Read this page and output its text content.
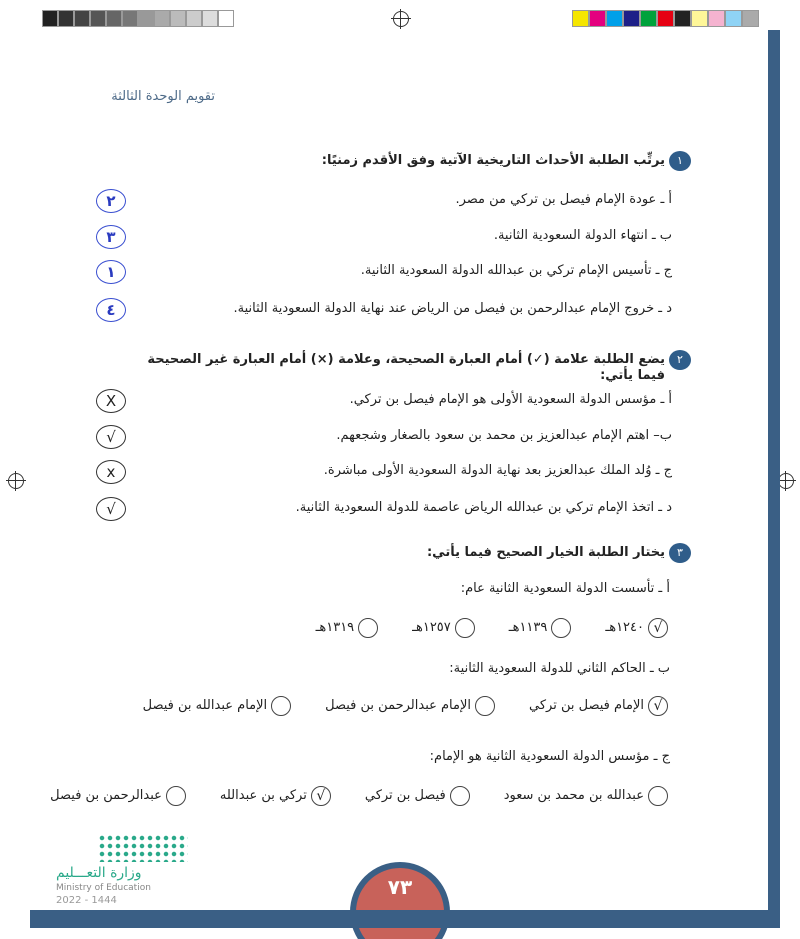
تقويم الوحدة الثالثة
١
يرتِّب الطلبة الأحداث التاريخية الآتية وفق الأقدم زمنيًا:
أ ـ عودة الإمام فيصل بن تركي من مصر.
٢
ب ـ انتهاء الدولة السعودية الثانية.
٣
ج ـ تأسيس الإمام تركي بن عبدالله الدولة السعودية الثانية.
١
د ـ خروج الإمام عبدالرحمن بن فيصل من الرياض عند نهاية الدولة السعودية الثانية.
٤
٢
يضع الطلبة علامة (✓) أمام العبارة الصحيحة، وعلامة (×) أمام العبارة غير الصحيحة فيما يأتي:
أ ـ مؤسس الدولة السعودية الأولى هو الإمام فيصل بن تركي.
X
ب– اهتم الإمام عبدالعزيز بن محمد بن سعود بالصغار وشجعهم.
√
ج ـ وُلد الملك عبدالعزيز بعد نهاية الدولة السعودية الأولى مباشرة.
x
د ـ اتخذ الإمام تركي بن عبدالله الرياض عاصمة للدولة السعودية الثانية.
√
٣
يختار الطلبة الخيار الصحيح فيما يأتي:
أ ـ تأسست الدولة السعودية الثانية عام:
√
١٢٤٠هـ
١١٣٩هـ
١٢٥٧هـ
١٣١٩هـ
ب ـ الحاكم الثاني للدولة السعودية الثانية:
√
الإمام فيصل بن تركي
الإمام عبدالرحمن بن فيصل
الإمام عبدالله بن فيصل
ج ـ مؤسس الدولة السعودية الثانية هو الإمام:
عبدالله بن محمد بن سعود
فيصل بن تركي
√
تركي بن عبدالله
عبدالرحمن بن فيصل
وزارة التعـــليم
Ministry of Education
2022 - 1444
٧٣
